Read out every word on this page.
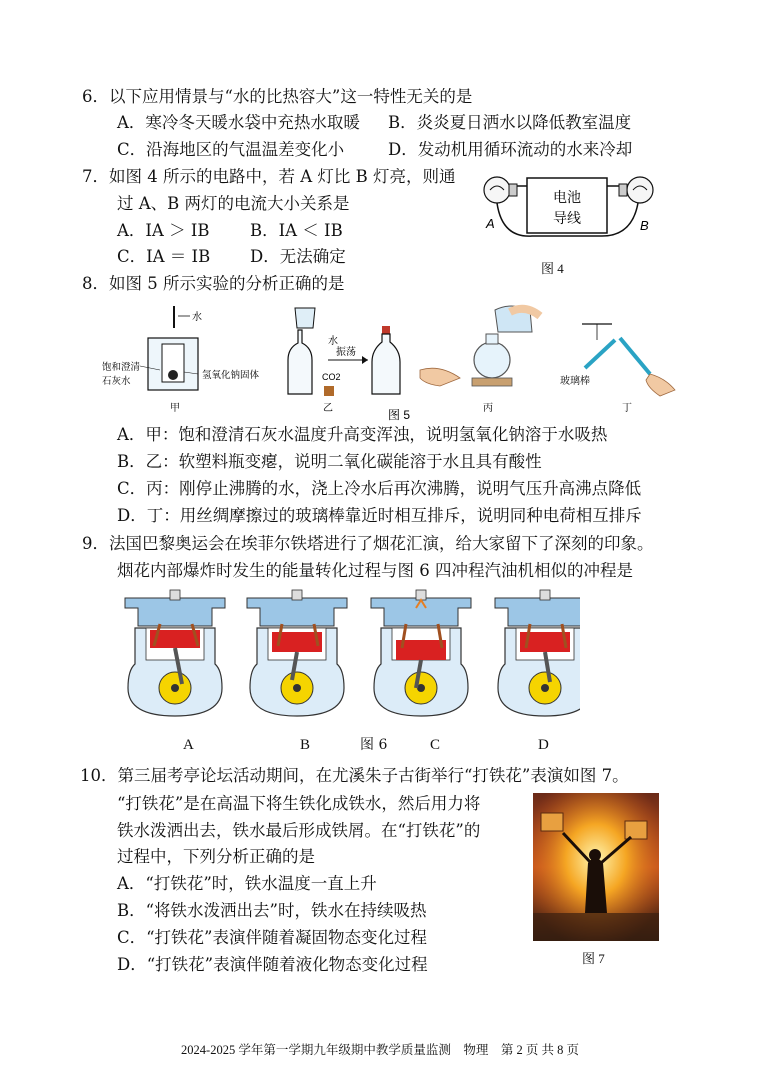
6．以下应用情景与“水的比热容大”这一特性无关的是
A．寒冷冬天暖水袋中充热水取暖 B．炎炎夏日洒水以降低教室温度
C．沿海地区的气温温差变化小	D．发动机用循环流动的水来冷却
7．如图 4 所示的电路中，若 A 灯比 B 灯亮，则通
过 A、B 两灯的电流大小关系是
A．IA ＞ IB B．IA ＜ IB
C．IA ＝ IB D．无法确定
电池
导线
A	B
图 4
8．如图 5 所示实验的分析正确的是
水
饱和澄清
石灰水
氢氧化钠固体
甲
水
CO2
振荡
乙	图 5	丙
玻璃棒
丁
A．甲：饱和澄清石灰水温度升高变浑浊，说明氢氧化钠溶于水吸热
B．乙：软塑料瓶变瘪，说明二氧化碳能溶于水且具有酸性
C．丙：刚停止沸腾的水，浇上冷水后再次沸腾，说明气压升高沸点降低
D．丁：用丝绸摩擦过的玻璃棒靠近时相互排斥，说明同种电荷相互排斥
9．法国巴黎奥运会在埃菲尔铁塔进行了烟花汇演，给大家留下了深刻的印象。
烟花内部爆炸时发生的能量转化过程与图 6 四冲程汽油机相似的冲程是
A	B	图 6	C	D
10．第三届考亭论坛活动期间，在尤溪朱子古街举行“打铁花”表演如图 7。
“打铁花”是在高温下将生铁化成铁水，然后用力将
铁水泼洒出去，铁水最后形成铁屑。在“打铁花”的
过程中，下列分析正确的是
A．“打铁花”时，铁水温度一直上升
B．“将铁水泼洒出去”时，铁水在持续吸热
C．“打铁花”表演伴随着凝固物态变化过程
D．“打铁花”表演伴随着液化物态变化过程	图 7
2024-2025 学年第一学期九年级期中教学质量监测　物理　第 2 页 共 8 页
